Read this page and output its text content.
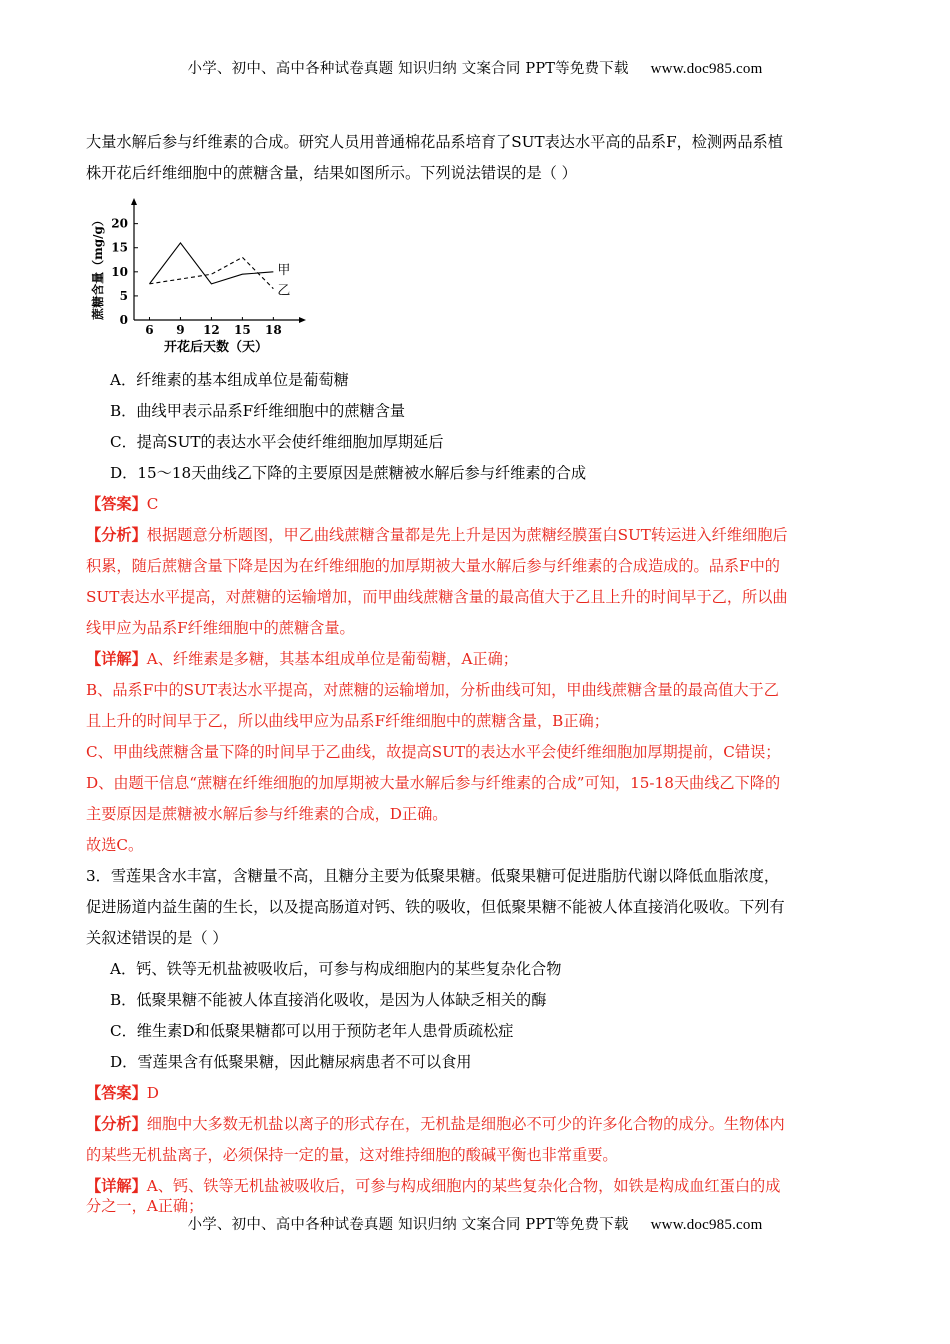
小学、初中、高中各种试卷真题 知识归纳 文案合同 PPT等免费下载 www.doc985.com
大量水解后参与纤维素的合成。研究人员用普通棉花品系培育了SUT表达水平高的品系F，检测两品系植
株开花后纤维细胞中的蔗糖含量，结果如图所示。下列说法错误的是（ ）
6 9 12 15 18
0
5
10
15
20
甲
乙
蔗糖含量（mg/g）
开花后天数（天）
A．纤维素的基本组成单位是葡萄糖
B．曲线甲表示品系F纤维细胞中的蔗糖含量
C．提高SUT的表达水平会使纤维细胞加厚期延后
D．15～18天曲线乙下降的主要原因是蔗糖被水解后参与纤维素的合成
【答案】C
【分析】根据题意分析题图，甲乙曲线蔗糖含量都是先上升是因为蔗糖经膜蛋白SUT转运进入纤维细胞后
积累，随后蔗糖含量下降是因为在纤维细胞的加厚期被大量水解后参与纤维素的合成造成的。品系F中的
SUT表达水平提高，对蔗糖的运输增加，而甲曲线蔗糖含量的最高值大于乙且上升的时间早于乙，所以曲
线甲应为品系F纤维细胞中的蔗糖含量。
【详解】A、纤维素是多糖，其基本组成单位是葡萄糖，A正确；
B、品系F中的SUT表达水平提高，对蔗糖的运输增加，分析曲线可知，甲曲线蔗糖含量的最高值大于乙
且上升的时间早于乙，所以曲线甲应为品系F纤维细胞中的蔗糖含量，B正确；
C、甲曲线蔗糖含量下降的时间早于乙曲线，故提高SUT的表达水平会使纤维细胞加厚期提前，C错误；
D、由题干信息“蔗糖在纤维细胞的加厚期被大量水解后参与纤维素的合成”可知，15-18天曲线乙下降的
主要原因是蔗糖被水解后参与纤维素的合成，D正确。
故选C。
3．雪莲果含水丰富，含糖量不高，且糖分主要为低聚果糖。低聚果糖可促进脂肪代谢以降低血脂浓度，
促进肠道内益生菌的生长，以及提高肠道对钙、铁的吸收，但低聚果糖不能被人体直接消化吸收。下列有
关叙述错误的是（ ）
A．钙、铁等无机盐被吸收后，可参与构成细胞内的某些复杂化合物
B．低聚果糖不能被人体直接消化吸收，是因为人体缺乏相关的酶
C．维生素D和低聚果糖都可以用于预防老年人患骨质疏松症
D．雪莲果含有低聚果糖，因此糖尿病患者不可以食用
【答案】D
【分析】细胞中大多数无机盐以离子的形式存在，无机盐是细胞必不可少的许多化合物的成分。生物体内
的某些无机盐离子，必须保持一定的量，这对维持细胞的酸碱平衡也非常重要。
【详解】A、钙、铁等无机盐被吸收后，可参与构成细胞内的某些复杂化合物，如铁是构成血红蛋白的成
分之一，A正确；
小学、初中、高中各种试卷真题 知识归纳 文案合同 PPT等免费下载 www.doc985.com
